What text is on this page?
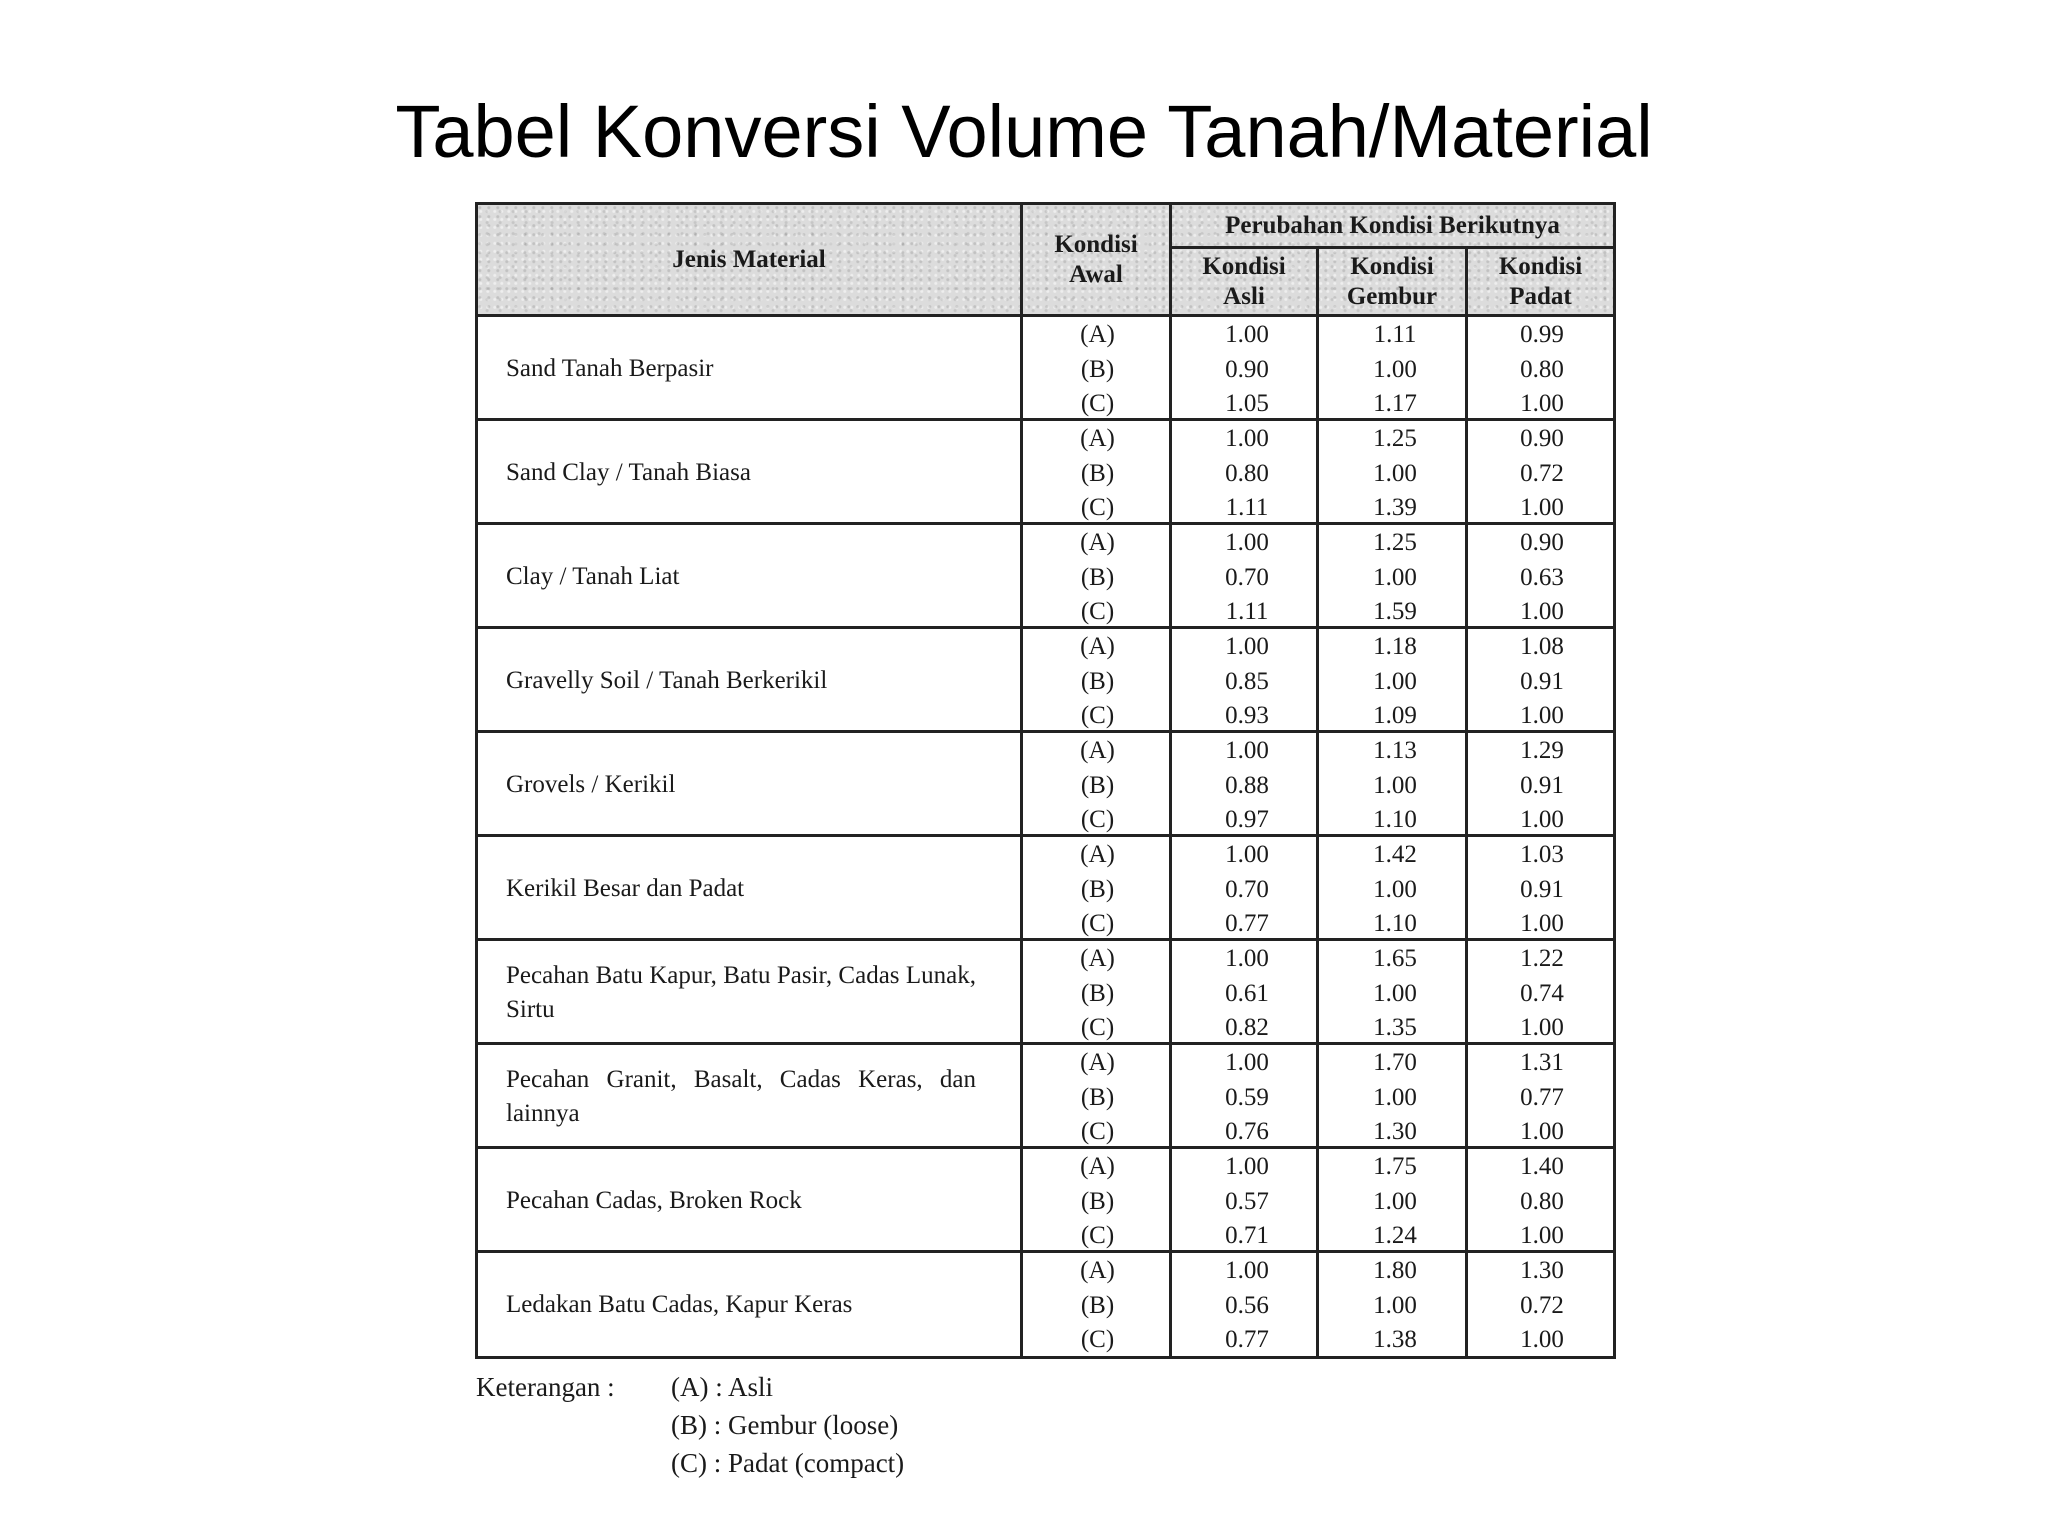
Tabel Konversi Volume Tanah/Material
Jenis Material
Kondisi
Awal
Perubahan Kondisi Berikutnya
Kondisi
Asli
Kondisi
Gembur
Kondisi
Padat
Sand Tanah Berpasir
(A)
(B)
(C)
1.00
0.90
1.05
1.11
1.00
1.17
0.99
0.80
1.00
Sand Clay / Tanah Biasa
(A)
(B)
(C)
1.00
0.80
1.11
1.25
1.00
1.39
0.90
0.72
1.00
Clay / Tanah Liat
(A)
(B)
(C)
1.00
0.70
1.11
1.25
1.00
1.59
0.90
0.63
1.00
Gravelly Soil / Tanah Berkerikil
(A)
(B)
(C)
1.00
0.85
0.93
1.18
1.00
1.09
1.08
0.91
1.00
Grovels / Kerikil
(A)
(B)
(C)
1.00
0.88
0.97
1.13
1.00
1.10
1.29
0.91
1.00
Kerikil Besar dan Padat
(A)
(B)
(C)
1.00
0.70
0.77
1.42
1.00
1.10
1.03
0.91
1.00
Pecahan Batu Kapur, Batu Pasir, Cadas Lunak, Sirtu
(A)
(B)
(C)
1.00
0.61
0.82
1.65
1.00
1.35
1.22
0.74
1.00
Pecahan Granit, Basalt, Cadas Keras, dan lainnya
(A)
(B)
(C)
1.00
0.59
0.76
1.70
1.00
1.30
1.31
0.77
1.00
Pecahan Cadas, Broken Rock
(A)
(B)
(C)
1.00
0.57
0.71
1.75
1.00
1.24
1.40
0.80
1.00
Ledakan Batu Cadas, Kapur Keras
(A)
(B)
(C)
1.00
0.56
0.77
1.80
1.00
1.38
1.30
0.72
1.00
Keterangan :	(A) : Asli
(B) : Gembur (loose)
(C) : Padat (compact)
